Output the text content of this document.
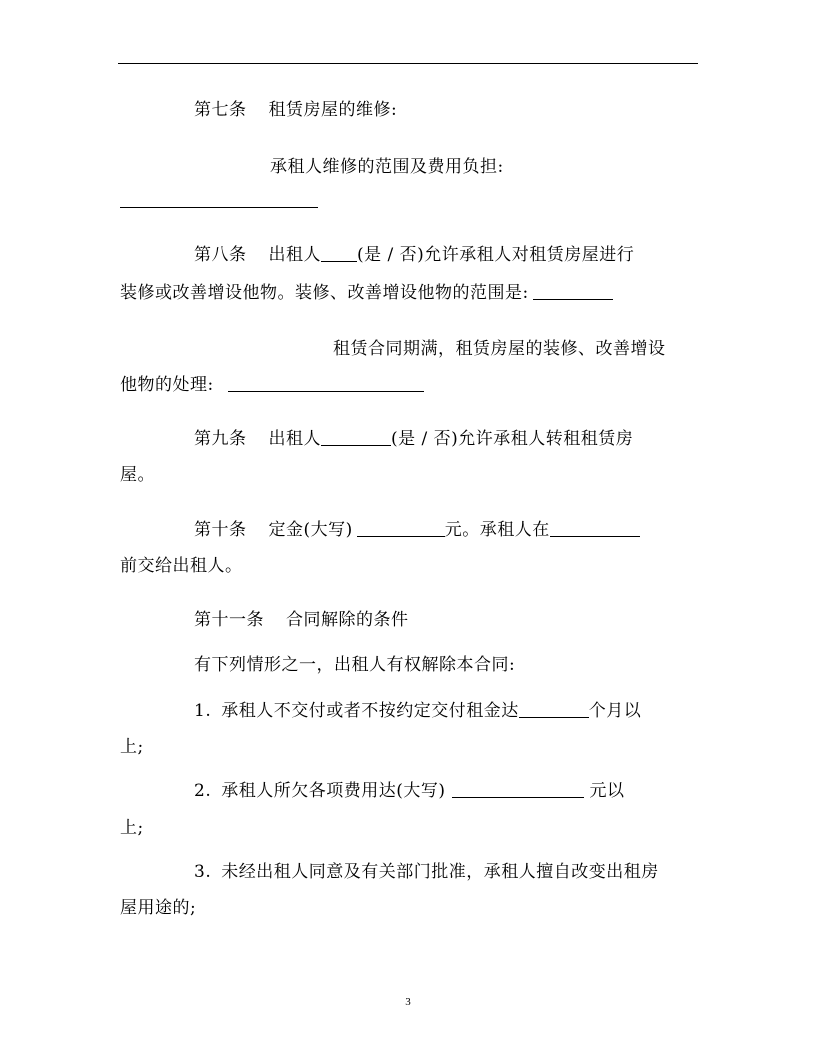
第七条 租赁房屋的维修:
承租人维修的范围及费用负担:
第八条 出租人 (是 / 否)允许承租人对租赁房屋进行
装修或改善增设他物。装修、改善增设他物的范围是:
租赁合同期满，租赁房屋的装修、改善增设
他物的处理:
第九条 出租人	(是 / 否)允许承租人转租租赁房
屋。
第十条 定金(大写)	元。承租人在
前交给出租人。
第十一条 合同解除的条件
有下列情形之一，出租人有权解除本合同:
1. 承租人不交付或者不按约定交付租金达	个月以
上;
2. 承租人所欠各项费用达(大写)	元以
上;
3. 未经出租人同意及有关部门批准，承租人擅自改变出租房
屋用途的;
3
